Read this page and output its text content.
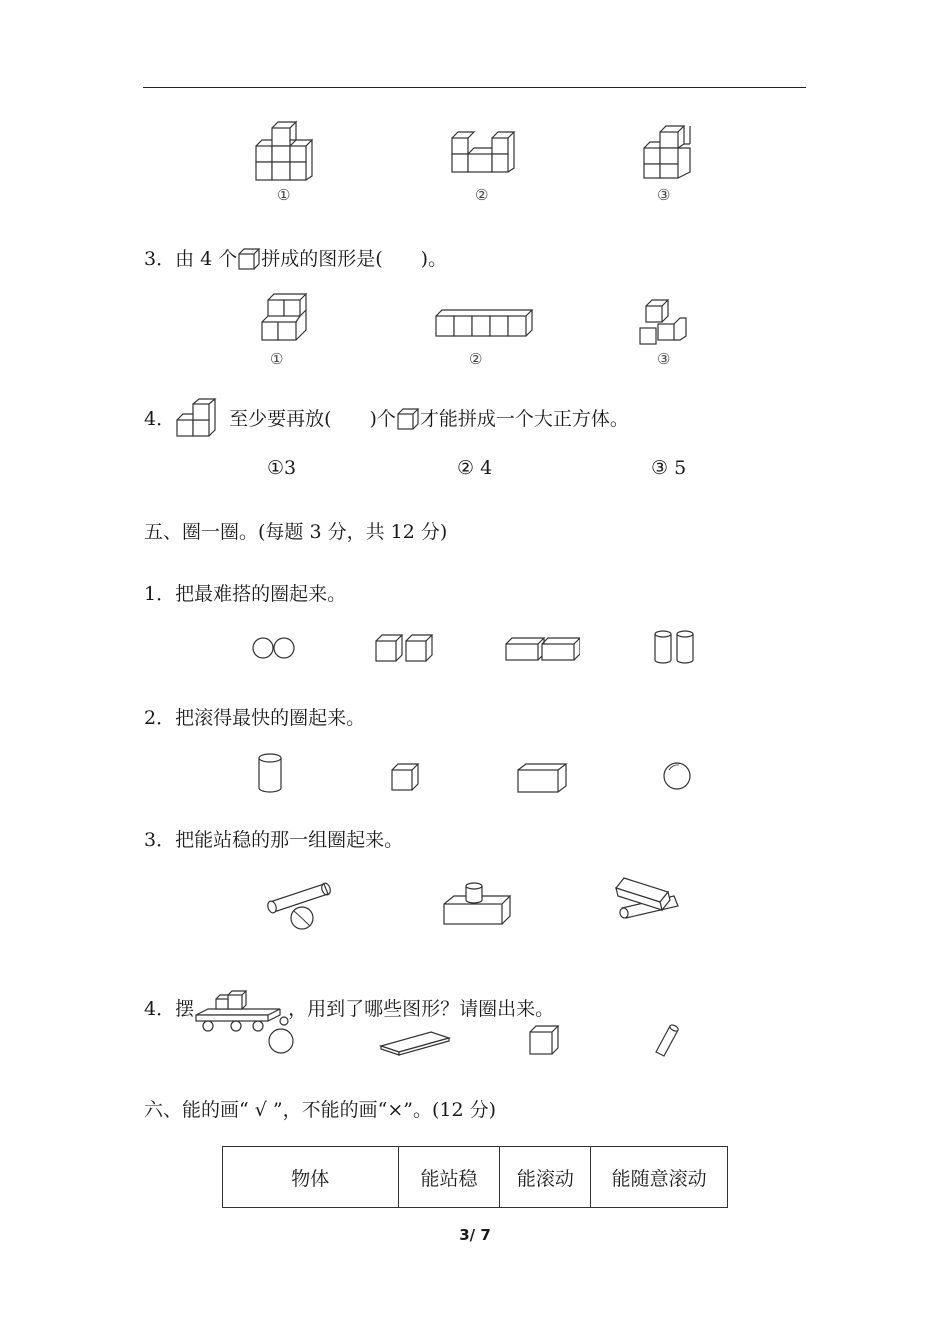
①	②	③
3．由 4 个 拼成的图形是(　　)。
①	②	③
4．	至少要再放(　　)个 才能拼成一个大正方体。
①3	② 4	③ 5
五、圈一圈。(每题 3 分，共 12 分)
1．把最难搭的圈起来。
2．把滚得最快的圈起来。
3．把能站稳的那一组圈起来。
4．摆	，用到了哪些图形？请圈出来。
六、能的画“ √ ”，不能的画“×”。(12 分)
物体	能站稳	能滚动	能随意滚动
3/ 7
